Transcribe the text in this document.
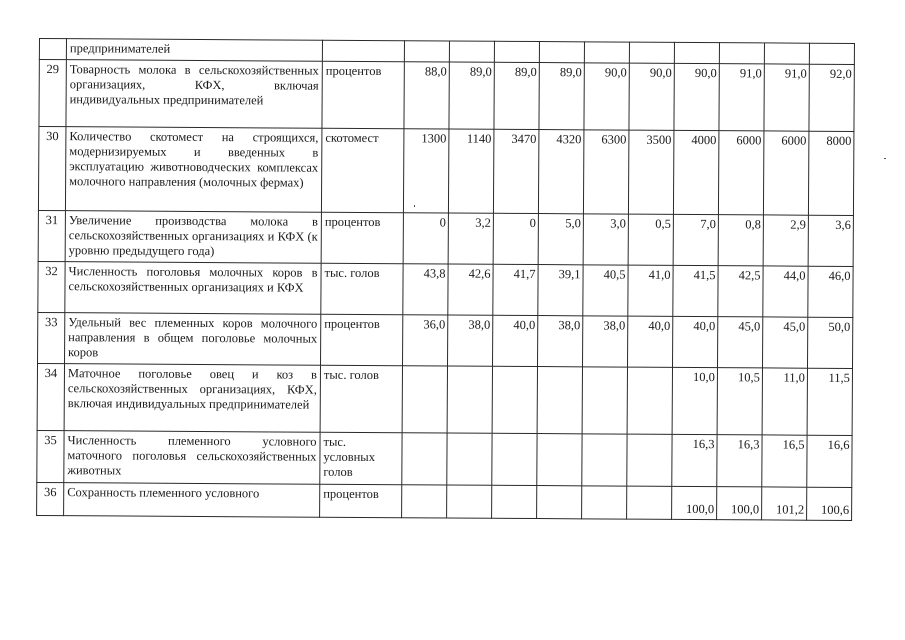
	предпринимателей											
29	Товарность молока в сельскохозяйственных организациях, КФХ, включая индивидуальных предпринимателей	процентов	88,0	89,0	89,0	89,0	90,0	90,0	90,0	91,0	91,0	92,0
30	Количество скотомест на строящихся, модернизируемых и введенных в эксплуатацию животноводческих комплексах молочного направления (молочных фермах)	скотомест	1300	1140	3470	4320	6300	3500	4000	6000	6000	8000
31	Увеличение производства молока в сельскохозяйственных организациях и КФХ (к уровню предыдущего года)	процентов	0	3,2	0	5,0	3,0	0,5	7,0	0,8	2,9	3,6
32	Численность поголовья молочных коров в сельскохозяйственных организациях и КФХ	тыс. голов	43,8	42,6	41,7	39,1	40,5	41,0	41,5	42,5	44,0	46,0
33	Удельный вес племенных коров молочного направления в общем поголовье молочных коров	процентов	36,0	38,0	40,0	38,0	38,0	40,0	40,0	45,0	45,0	50,0
34	Маточное поголовье овец и коз в сельскохозяйственных организациях, КФХ, включая индивидуальных предпринимателей	тыс. голов							10,0	10,5	11,0	11,5
35	Численность племенного условного маточного поголовья сельскохозяйственных животных	тыс. условных голов							16,3	16,3	16,5	16,6
36	Сохранность племенного условного	процентов							100,0	100,0	101,2	100,6
